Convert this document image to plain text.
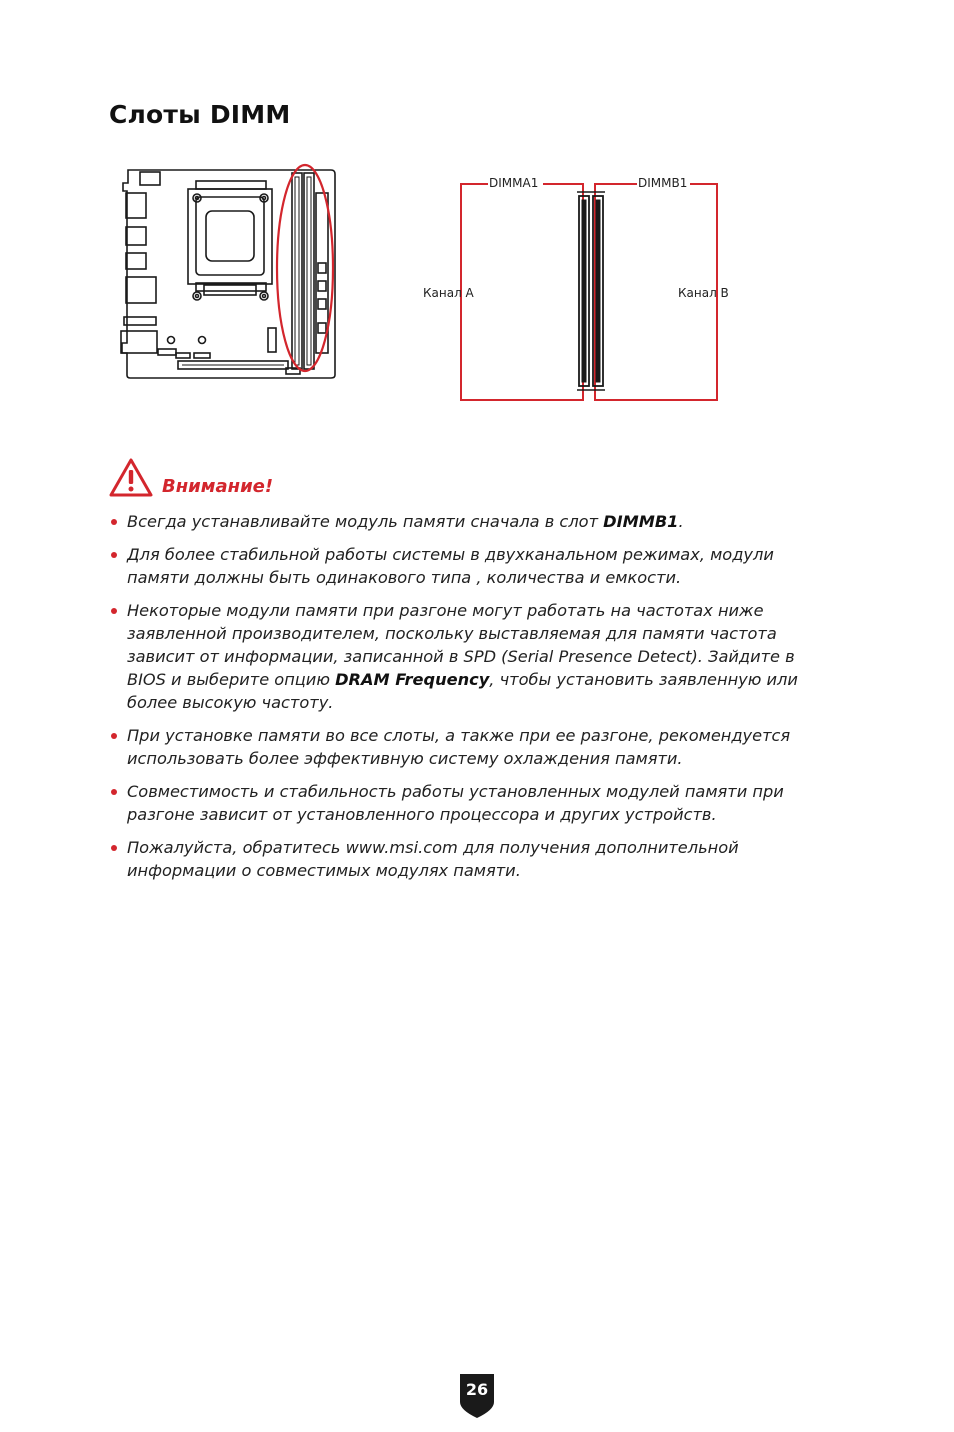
Слоты DIMM
DIMMA1	DIMMB1
Канал A	Канал B
Внимание!
Всегда устанавливайте модуль памяти сначала в слот DIMMB1.
Для более стабильной работы системы в двухканальном режимах, модули памяти должны быть одинакового типа , количества и емкости.
Некоторые модули памяти при разгоне могут работать на частотах ниже заявленной производителем, поскольку выставляемая для памяти частота зависит от информации, записанной в SPD (Serial Presence Detect). Зайдите в BIOS и выберите опцию DRAM Frequency, чтобы установить заявленную или более высокую частоту.
При установке памяти во все слоты, а также при ее разгоне, рекомендуется использовать более эффективную систему охлаждения памяти.
Совместимость и стабильность работы установленных модулей памяти при разгоне зависит от установленного процессора и других устройств.
Пожалуйста, обратитесь www.msi.com для получения дополнительной информации о совместимых модулях памяти.
26
